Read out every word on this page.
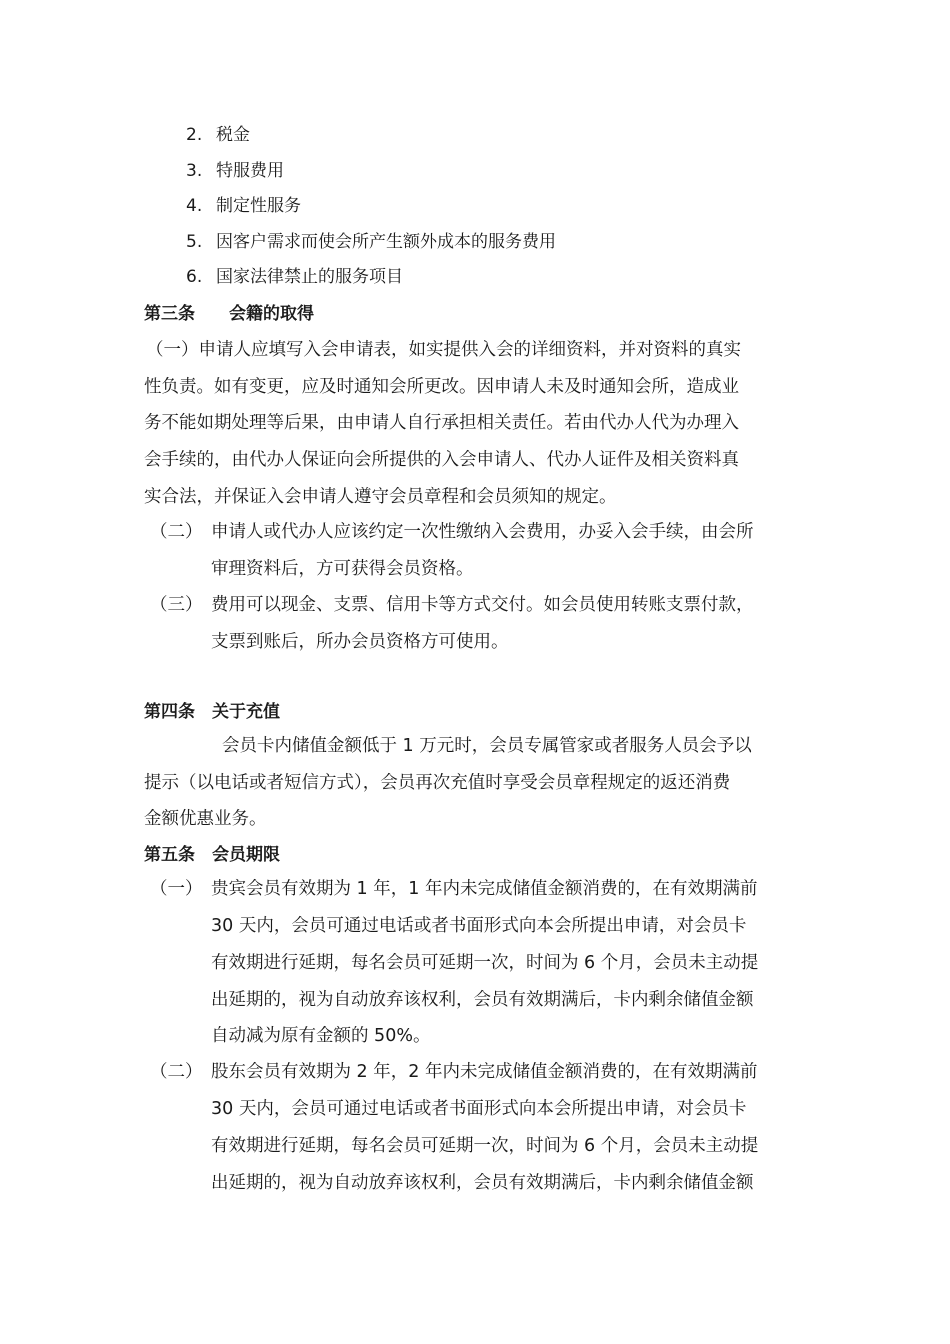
2. 税金
3. 特服费用
4. 制定性服务
5. 因客户需求而使会所产生额外成本的服务费用
6. 国家法律禁止的服务项目
第三条　　会籍的取得
（一）申请人应填写入会申请表，如实提供入会的详细资料，并对资料的真实
性负责。如有变更，应及时通知会所更改。因申请人未及时通知会所，造成业
务不能如期处理等后果，由申请人自行承担相关责任。若由代办人代为办理入
会手续的，由代办人保证向会所提供的入会申请人、代办人证件及相关资料真
实合法，并保证入会申请人遵守会员章程和会员须知的规定。
（二） 申请人或代办人应该约定一次性缴纳入会费用，办妥入会手续，由会所
审理资料后，方可获得会员资格。
（三） 费用可以现金、支票、信用卡等方式交付。如会员使用转账支票付款，
支票到账后，所办会员资格方可使用。
第四条　关于充值
会员卡内储值金额低于 1 万元时，会员专属管家或者服务人员会予以
提示（以电话或者短信方式），会员再次充值时享受会员章程规定的返还消费
金额优惠业务。
第五条　会员期限
（一） 贵宾会员有效期为 1 年，1 年内未完成储值金额消费的，在有效期满前
30 天内，会员可通过电话或者书面形式向本会所提出申请，对会员卡
有效期进行延期，每名会员可延期一次，时间为 6 个月，会员未主动提
出延期的，视为自动放弃该权利，会员有效期满后，卡内剩余储值金额
自动减为原有金额的 50%。
（二） 股东会员有效期为 2 年，2 年内未完成储值金额消费的，在有效期满前
30 天内，会员可通过电话或者书面形式向本会所提出申请，对会员卡
有效期进行延期，每名会员可延期一次，时间为 6 个月，会员未主动提
出延期的，视为自动放弃该权利，会员有效期满后，卡内剩余储值金额
